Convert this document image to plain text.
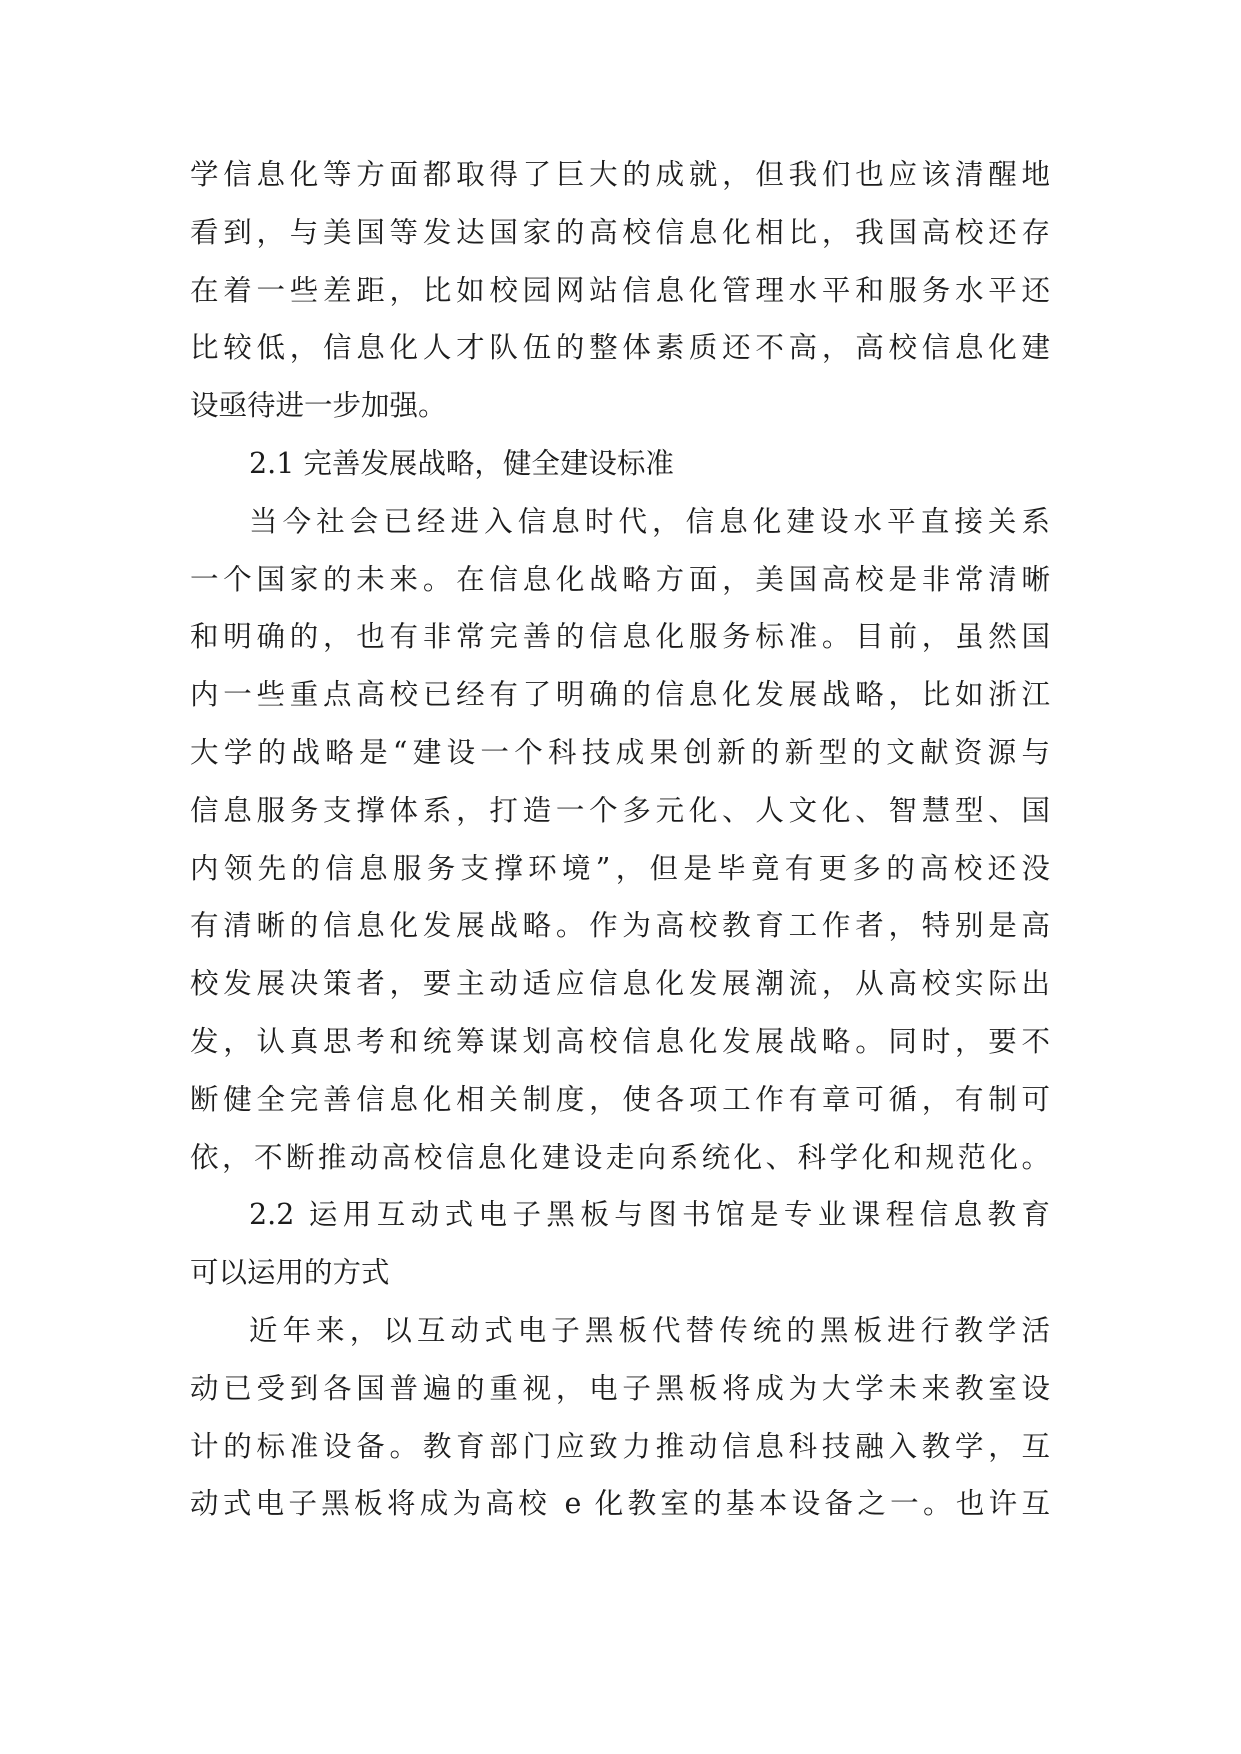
学信息化等方面都取得了巨大的成就，但我们也应该清醒地
看到，与美国等发达国家的高校信息化相比，我国高校还存
在着一些差距，比如校园网站信息化管理水平和服务水平还
比较低，信息化人才队伍的整体素质还不高，高校信息化建
设亟待进一步加强。
2.1 完善发展战略，健全建设标准
当今社会已经进入信息时代，信息化建设水平直接关系
一个国家的未来。在信息化战略方面，美国高校是非常清晰
和明确的，也有非常完善的信息化服务标准。目前，虽然国
内一些重点高校已经有了明确的信息化发展战略，比如浙江
大学的战略是“建设一个科技成果创新的新型的文献资源与
信息服务支撑体系，打造一个多元化、人文化、智慧型、国
内领先的信息服务支撑环境”，但是毕竟有更多的高校还没
有清晰的信息化发展战略。作为高校教育工作者，特别是高
校发展决策者，要主动适应信息化发展潮流，从高校实际出
发，认真思考和统筹谋划高校信息化发展战略。同时，要不
断健全完善信息化相关制度，使各项工作有章可循，有制可
依，不断推动高校信息化建设走向系统化、科学化和规范化。
2.2 运用互动式电子黑板与图书馆是专业课程信息教育
可以运用的方式
近年来，以互动式电子黑板代替传统的黑板进行教学活
动已受到各国普遍的重视，电子黑板将成为大学未来教室设
计的标准设备。教育部门应致力推动信息科技融入教学，互
动式电子黑板将成为高校 e 化教室的基本设备之一。也许互
